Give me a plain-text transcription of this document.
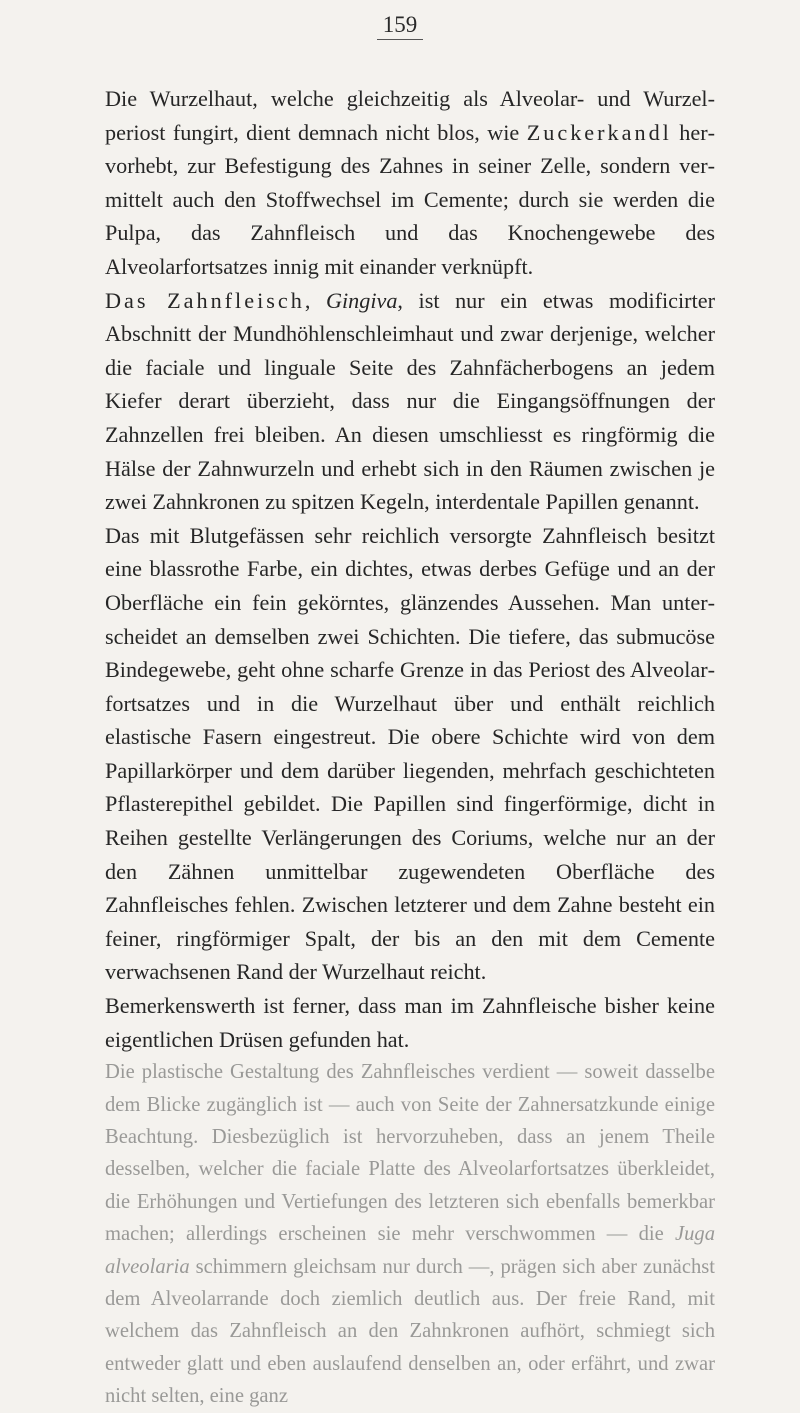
159

Die Wurzelhaut, welche gleichzeitig als Alveolar- und Wurzelperiost fungirt, dient demnach nicht blos, wie Zuckerkandl hervorhebt, zur Befestigung des Zahnes in seiner Zelle, sondern vermittelt auch den Stoffwechsel im Cemente; durch sie werden die Pulpa, das Zahnfleisch und das Knochengewebe des Alveolarfortsatzes innig mit einander verknüpft.

Das Zahnfleisch, Gingiva, ist nur ein etwas modificirter Abschnitt der Mundhöhlenschleimhaut und zwar derjenige, welcher die faciale und linguale Seite des Zahnfächerbogens an jedem Kiefer derart überzieht, dass nur die Eingangsöffnungen der Zahnzellen frei bleiben. An diesen umschliesst es ringförmig die Hälse der Zahnwurzeln und erhebt sich in den Räumen zwischen je zwei Zahnkronen zu spitzen Kegeln, interdentale Papillen genannt.

Das mit Blutgefässen sehr reichlich versorgte Zahnfleisch besitzt eine blassrothe Farbe, ein dichtes, etwas derbes Gefüge und an der Oberfläche ein fein gekörntes, glänzendes Aussehen. Man unterscheidet an demselben zwei Schichten. Die tiefere, das submucöse Bindegewebe, geht ohne scharfe Grenze in das Periost des Alveolarfortsatzes und in die Wurzelhaut über und enthält reichlich elastische Fasern eingestreut. Die obere Schichte wird von dem Papillarkörper und dem darüber liegenden, mehrfach geschichteten Pflasterepithel gebildet. Die Papillen sind fingerförmige, dicht in Reihen gestellte Verlängerungen des Coriums, welche nur an der den Zähnen unmittelbar zugewendeten Oberfläche des Zahnfleisches fehlen. Zwischen letzterer und dem Zahne besteht ein feiner, ringförmiger Spalt, der bis an den mit dem Cemente verwachsenen Rand der Wurzelhaut reicht.

Bemerkenswerth ist ferner, dass man im Zahnfleische bisher keine eigentlichen Drüsen gefunden hat.

Die plastische Gestaltung des Zahnfleisches verdient — soweit dasselbe dem Blicke zugänglich ist — auch von Seite der Zahnersatzkunde einige Beachtung. Diesbezüglich ist hervorzuheben, dass an jenem Theile desselben, welcher die faciale Platte des Alveolarfortsatzes überkleidet, die Erhöhungen und Vertiefungen des letzteren sich ebenfalls bemerkbar machen; allerdings erscheinen sie mehr verschwommen — die Juga alveolaria schimmern gleichsam nur durch —, prägen sich aber zunächst dem Alveolarrande doch ziemlich deutlich aus. Der freie Rand, mit welchem das Zahnfleisch an den Zahnkronen aufhört, schmiegt sich entweder glatt und eben auslaufend denselben an, oder erfährt, und zwar nicht selten, eine ganz
